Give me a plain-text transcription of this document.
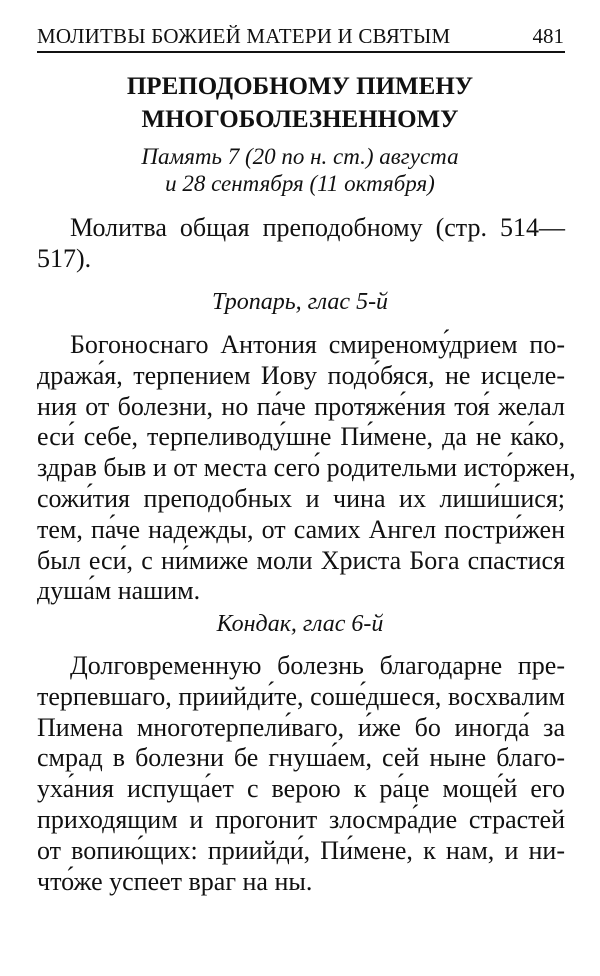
МОЛИТВЫ БОЖИЕЙ МАТЕРИ И СВЯТЫМ	481
ПРЕПОДОБНОМУ ПИМЕНУ
МНОГОБОЛЕЗНЕННОМУ
Память 7 (20 по н. ст.) августа
и 28 сентября (11 октября)
Молитва общая преподобному (стр. 514—
517).
Тропарь, глас 5-й
Богоноснаго Антония смиреному́дрием по-
дража́я, терпением Иову подо́бяся, не исцеле-
ния от болезни, но па́че протяже́ния тоя́ желал
еси́ себе, терпеливоду́шне Пи́мене, да не ка́ко,
здрав быв и от места сего́ родительми исто́ржен,
сожи́тия преподобных и чина их лиши́шися;
тем, па́че надежды, от самих Ангел постри́жен
был еси́, с ни́миже моли Христа Бога спастися
душа́м нашим.
Кондак, глас 6-й
Долговременную болезнь благодарне пре-
терпевшаго, приийди́те, соше́дшеся, восхвалим
Пимена многотерпели́ваго, и́же бо иногда́ за
смрад в болезни бе гнуша́ем, сей ныне благо-
уха́ния испуща́ет с верою к ра́це моще́й его
приходящим и прогонит злосмра́дие страстей
от вопию́щих: приийди́, Пи́мене, к нам, и ни-
что́же успеет враг на ны.
